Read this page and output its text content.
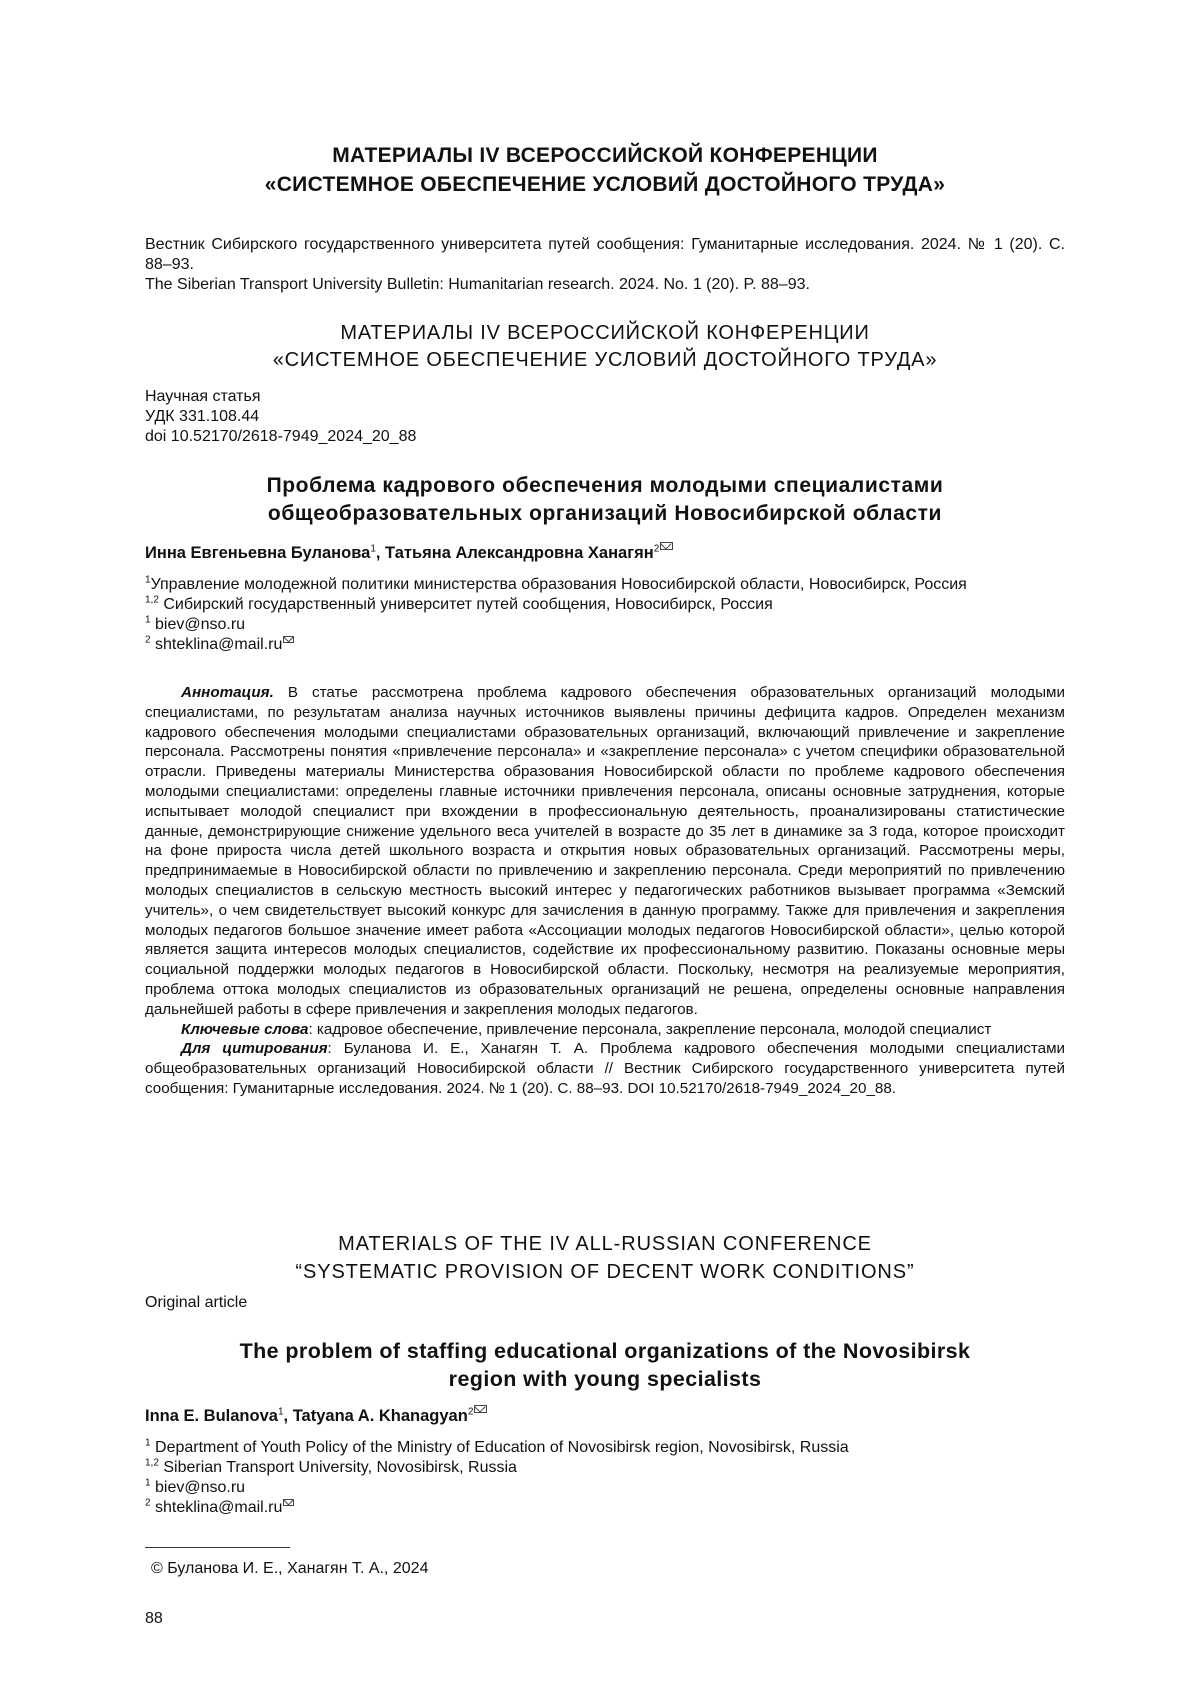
МАТЕРИАЛЫ IV ВСЕРОССИЙСКОЙ КОНФЕРЕНЦИИ
«СИСТЕМНОЕ ОБЕСПЕЧЕНИЕ УСЛОВИЙ ДОСТОЙНОГО ТРУДА»
Вестник Сибирского государственного университета путей сообщения: Гуманитарные исследования. 2024. № 1 (20). С. 88–93.
The Siberian Transport University Bulletin: Humanitarian research. 2024. No. 1 (20). P. 88–93.
МАТЕРИАЛЫ IV ВСЕРОССИЙСКОЙ КОНФЕРЕНЦИИ
«СИСТЕМНОЕ ОБЕСПЕЧЕНИЕ УСЛОВИЙ ДОСТОЙНОГО ТРУДА»
Научная статья
УДК 331.108.44
doi 10.52170/2618-7949_2024_20_88
Проблема кадрового обеспечения молодыми специалистами
общеобразовательных организаций Новосибирской области
Инна Евгеньевна Буланова1, Татьяна Александровна Ханагян2
1Управление молодежной политики министерства образования Новосибирской области, Новосибирск, Россия
1,2 Сибирский государственный университет путей сообщения, Новосибирск, Россия
1 biev@nso.ru
2 shteklina@mail.ru

Аннотация. В статье рассмотрена проблема кадрового обеспечения образовательных организаций молодыми специалистами, по результатам анализа научных источников выявлены причины дефицита кадров. Определен механизм кадрового обеспечения молодыми специалистами образовательных организаций, включающий привлечение и закрепление персонала. Рассмотрены понятия «привлечение персонала» и «закрепление персонала» с учетом специфики образовательной отрасли. Приведены материалы Министерства образования Новосибирской области по проблеме кадрового обеспечения молодыми специалистами: определены главные источники привлечения персонала, описаны основные затруднения, которые испытывает молодой специалист при вхождении в профессиональную деятельность, проанализированы статистические данные, демонстрирующие снижение удельного веса учителей в возрасте до 35 лет в динамике за 3 года, которое происходит на фоне прироста числа детей школьного возраста и открытия новых образовательных организаций. Рассмотрены меры, предпринимаемые в Новосибирской области по привлечению и закреплению персонала. Среди мероприятий по привлечению молодых специалистов в сельскую местность высокий интерес у педагогических работников вызывает программа «Земский учитель», о чем свидетельствует высокий конкурс для зачисления в данную программу. Также для привлечения и закрепления молодых педагогов большое значение имеет работа «Ассоциации молодых педагогов Новосибирской области», целью которой является защита интересов молодых специалистов, содействие их профессиональному развитию. Показаны основные меры социальной поддержки молодых педагогов в Новосибирской области. Поскольку, несмотря на реализуемые мероприятия, проблема оттока молодых специалистов из образовательных организаций не решена, определены основные направления дальнейшей работы в сфере привлечения и закрепления молодых педагогов.

Ключевые слова: кадровое обеспечение, привлечение персонала, закрепление персонала, молодой специалист

Для цитирования: Буланова И. Е., Ханагян Т. А. Проблема кадрового обеспечения молодыми специалистами общеобразовательных организаций Новосибирской области // Вестник Сибирского государственного университета путей сообщения: Гуманитарные исследования. 2024. № 1 (20). С. 88–93. DOI 10.52170/2618-7949_2024_20_88.

MATERIALS OF THE IV ALL-RUSSIAN CONFERENCE
“SYSTEMATIC PROVISION OF DECENT WORK CONDITIONS”
Original article
The problem of staffing educational organizations of the Novosibirsk
region with young specialists
Inna E. Bulanova1, Tatyana A. Khanagyan2
1 Department of Youth Policy of the Ministry of Education of Novosibirsk region, Novosibirsk, Russia
1,2 Siberian Transport University, Novosibirsk, Russia
1 biev@nso.ru
2 shteklina@mail.ru
© Буланова И. Е., Ханагян Т. А., 2024
88
